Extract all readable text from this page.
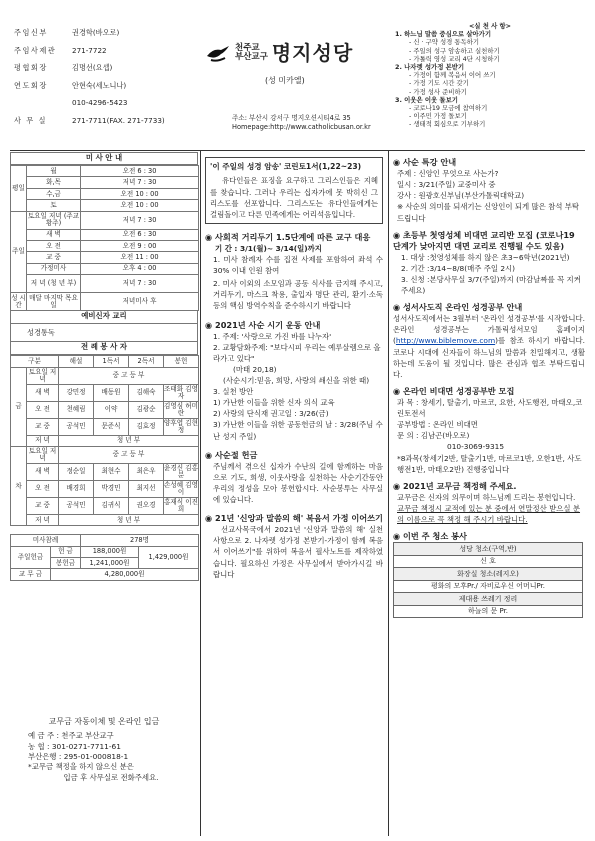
주임신부	권경학(바오로)
주임사제관	271-7722
평협회장	김명선(요셉)
연도회장	안현숙(세노니나)
010-4296-5423
사 무 실	271-7711(FAX. 271-7733)
천주교
부산교구 명지성당
(성 미카엘)
주소: 부산시 강서구 명지오션시티4로 35
Homepage:http://www.catholicbusan.or.kr
<실 천 사 항>
1. 하느님 말씀 중심으로 살아가기
- 신 · 구약 성경 통독하기
- 주일의 성구 암송하고 실천하기
- 가톨릭 영성 교리 4단 시청하기
2. 나자렛 성가정 본받기
- 가정이 함께 복음서 이어 쓰기
- 가정 기도 시간 갖기
- 가정 성사 준비하기
3. 이웃은 이웃 돌보기
- 코로나19 모금에 참여하기
- 이주민 가정 돌보기
- 생태적 회심으로 기부하기
미 사 안 내
평일	월	오전 6 : 30
	화,목	저녁 7 : 30
	수,금	오전 10 : 00
	토	오전 10 : 00
주일	토요일 저녁 (주교황주)	저녁 7 : 30
	새 벽	오전 6 : 30
	오 전	오전 9 : 00
	교 중	오전 11 : 00
	가정미사	오후 4 : 00
	저 녁 (청 년 부)	저녁 7 : 30
성 시간	매달 마지막 목요일	저녁미사 후
예비신자 교리
성경통독
전 례 봉 사 자
구분		해설	1독서	2독서	봉헌
금	토요일 저 녁	중 고 등 부			
	새 벽	강민정	배동원	김해숙	조태화 김영자
	오 전	천혜림	이약	김광순	김영심 허미란
	교 중	공석민	문준식	김효정	양후엽 김현정
	저 녁	청 년 부			
차	토요일 저 녁	중 고 등 부			
	새 벽	정순일	최현수	최은우	윤경신 김홍분
	오 전	배경희	박경민	최지선	손성혜 김영이
	교 중	공석민	김귀식	권오경	홍재식 이진희
	저 녁	청 년 부			
미사참례		278명	
주일헌금	헌 금	188,000원	1,429,000원
	봉헌금	1,241,000원	
교 무 금	4,280,000원		
교무금 자동이체 및 온라인 입금
예 금 주 : 천주교 부산교구
농 협 : 301-0271-7711-61
부산은행 : 295-01-000818-1
*교무금 책정을 하지 않으신 분은
입금 후 사무실로 전화주세요.
'이 주일의 성경 암송' 코린토1서(1,22~23)
유다인들은 표징을 요구하고 그리스인들은 지혜를 찾습니다. 그러나 우리는 십자가에 못 박히신 그리스도를 선포합니다. 그리스도는 유다인들에게는 걸림돌이고 다른 민족에게는 어리석음입니다.
◉ 사회적 거리두기 1.5단계에 따른 교구 대응
기 간 : 3/1(월)~ 3/14(일)까지
1. 미사 참례자 수를 집전 사제를 포함하여 좌석 수 30% 이내 인원 참여
2. 미사 이외의 소모임과 공동 식사를 금지해 주시고, 거리두기, 마스크 착용, 출입자 명단 관리, 환기·소독 등의 핵심 방역수칙을 준수하시기 바랍니다
◉ 2021년 사순 시기 운동 안내
1. 주제: '사랑으로 가진 바를 나누자'
2. 교황담화주제: "보다시피 우리는 예루살렘으로 올라가고 있다"
(마태 20,18)
(사순시기:믿음, 희망, 사랑의 쇄신을 위한 때)
3. 실천 방안
1) 가난한 이들을 위한 신자 의식 교육
2) 사랑의 단식재 권고일 : 3/26(금)
3) 가난한 이들을 위한 공동헌금의 날 : 3/28(주님 수난 성지 주일)
◉ 사순절 헌금
주님께서 겪으신 십자가 수난의 길에 함께하는 마음으로 기도, 희생, 이웃사랑을 실천하는 사순기간동안 우리의 정성을 모아 봉헌합시다. 사순봉투는 사무실에 있습니다.
◉ 21년 '신앙과 말씀의 해' 복음서 가정 이어쓰기
선교사목국에서 2021년 '신앙과 말씀의 해' 실천사항으로 2. 나자렛 성가정 본받기-가정이 함께 복음서 이어쓰기"를 위하여 복음서 필사노트를 제작하였습니다. 필요하신 가정은 사무실에서 받아가시길 바랍니다
◉ 사순 특강 안내
주제 : 신앙인 무엇으로 사는가?
일시 : 3/21(주일) 교중미사 중
강사 : 원광호신부님(부산가톨릭대학교)
※ 사순의 의미를 되새기는 신앙인이 되게 많은 참석 부탁드립니다
◉ 초등부 첫영성체 비대면 교리반 모집 (코로나19 단계가 낮아지면 대면 교리로 진행될 수도 있음)
1. 대상 :첫영성체를 하지 않은 초3~6학년(2021년)
2. 기간 :3/14~8/8(매주 주일 2시)
3. 신청 :본당사무실 3/7(주일)까지 (마감날짜를 꼭 지켜주세요)
◉ 성서사도직 온라인 성경공부 안내
성서사도직에서는 3월부터 '온라인 성경공부'를 시작합니다. 온라인 성경공부는 가톨릭성서모임 홈페이지(http://www.biblemove.com)를 참조 하시기 바랍니다. 코로나 시대에 신자들이 하느님의 말씀과 친밀해지고, 생활하는데 도움이 될 것입니다. 많은 관심과 협조 부탁드립니다.
◉ 온라인 비대면 성경공부반 모집
과 목 : 창세기, 탈출기, 마르코, 요한, 사도행전, 마태오,코린토전서
공부방법 : 온라인 비대면
문 의 : 김남곤(바오로)
010-3069-9315
*8과목(창세기2반, 탈출기1반, 마르코1반, 오한1반, 사도행전1반, 마태오2반) 진행중입니다
◉ 2021년 교무금 책정해 주세요.
교무금은 신자의 의무이며 하느님께 드리는 봉헌입니다.
교무금 책정시 교적에 있는 분 중에서 연말정산 받으실 분의 이름으로 꼭 책정 해 주시기 바랍니다.
◉ 이번 주 청소 봉사
성당 청소(구역,반)
신 호
화장실 청소(레지오)
평화의 모후Pr./ 자비로우신 어머니Pr.
제대용 쓰레기 정리
하늘의 문 Pr.
